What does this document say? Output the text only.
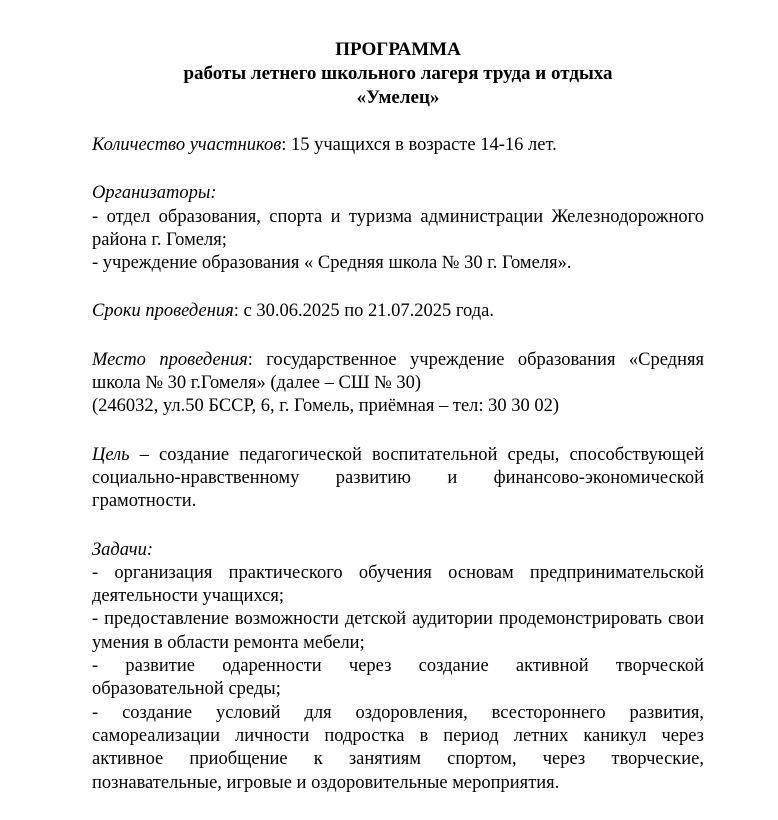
ПРОГРАММА
работы летнего школьного лагеря труда и отдыха
«Умелец»
Количество участников: 15 учащихся в возрасте 14-16 лет.
Организаторы:
- отдел образования, спорта и туризма администрации Железнодорожного района г. Гомеля;
- учреждение образования « Средняя школа № 30 г. Гомеля».
Сроки проведения: с 30.06.2025 по 21.07.2025 года.
Место проведения: государственное учреждение образования «Средняя школа № 30 г.Гомеля» (далее – СШ № 30)
(246032, ул.50 БССР, 6, г. Гомель, приёмная – тел: 30 30 02)
Цель – создание педагогической воспитательной среды, способствующей социально-нравственному развитию и финансово-экономической грамотности.
Задачи:
- организация практического обучения основам предпринимательской деятельности учащихся;
- предоставление возможности детской аудитории продемонстрировать свои умения в области ремонта мебели;
- развитие одаренности через создание активной творческой образовательной среды;
- создание условий для оздоровления, всестороннего развития, самореализации личности подростка в период летних каникул через активное приобщение к занятиям спортом, через творческие, познавательные, игровые и оздоровительные мероприятия.
